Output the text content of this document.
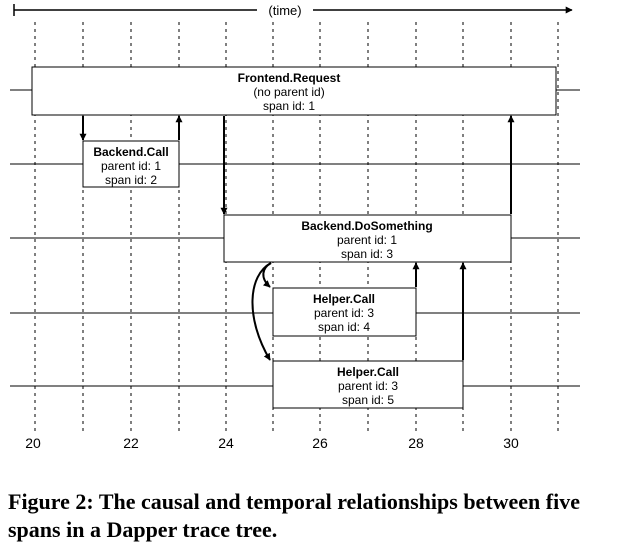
(time)
Frontend.Request
(no parent id)
span id: 1
Backend.Call
parent id: 1
span id: 2
Backend.DoSomething
parent id: 1
span id: 3
Helper.Call
parent id: 3
span id: 4
Helper.Call
parent id: 3
span id: 5
20	22	24	26	28	30
Figure 2: The causal and temporal relationships between five spans in a Dapper trace tree.
